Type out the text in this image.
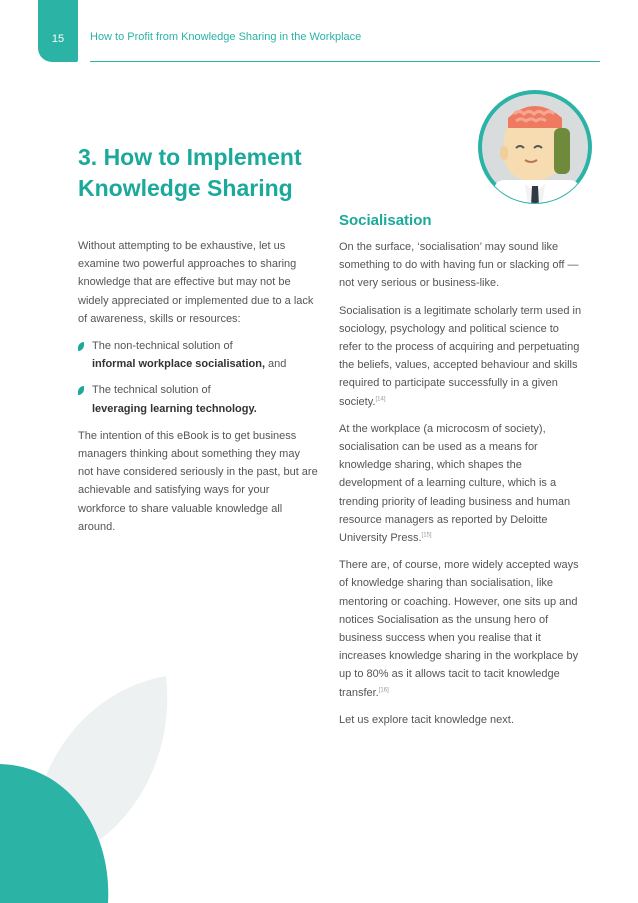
15	How to Profit from Knowledge Sharing in the Workplace
3. How to Implement Knowledge Sharing

Without attempting to be exhaustive, let us examine two powerful approaches to sharing knowledge that are effective but may not be widely appreciated or implemented due to a lack of awareness, skills or resources:

The non-technical solution of
informal workplace socialisation, and
The technical solution of
leveraging learning technology.

The intention of this eBook is to get business managers thinking about something they may not have considered seriously in the past, but are achievable and satisfying ways for your workforce to share valuable knowledge all around.

Socialisation

On the surface, ‘socialisation’ may sound like something to do with having fun or slacking off —not very serious or business-like.

Socialisation is a legitimate scholarly term used in sociology, psychology and political science to refer to the process of acquiring and perpetuating the beliefs, values, accepted behaviour and skills required to participate successfully in a given society.[14]

At the workplace (a microcosm of society), socialisation can be used as a means for knowledge sharing, which shapes the development of a learning culture, which is a trending priority of leading business and human resource managers as reported by Deloitte University Press.[15]

There are, of course, more widely accepted ways of knowledge sharing than socialisation, like mentoring or coaching. However, one sits up and notices Socialisation as the unsung hero of business success when you realise that it increases knowledge sharing in the workplace by up to 80% as it allows tacit to tacit knowledge transfer.[16]

Let us explore tacit knowledge next.
